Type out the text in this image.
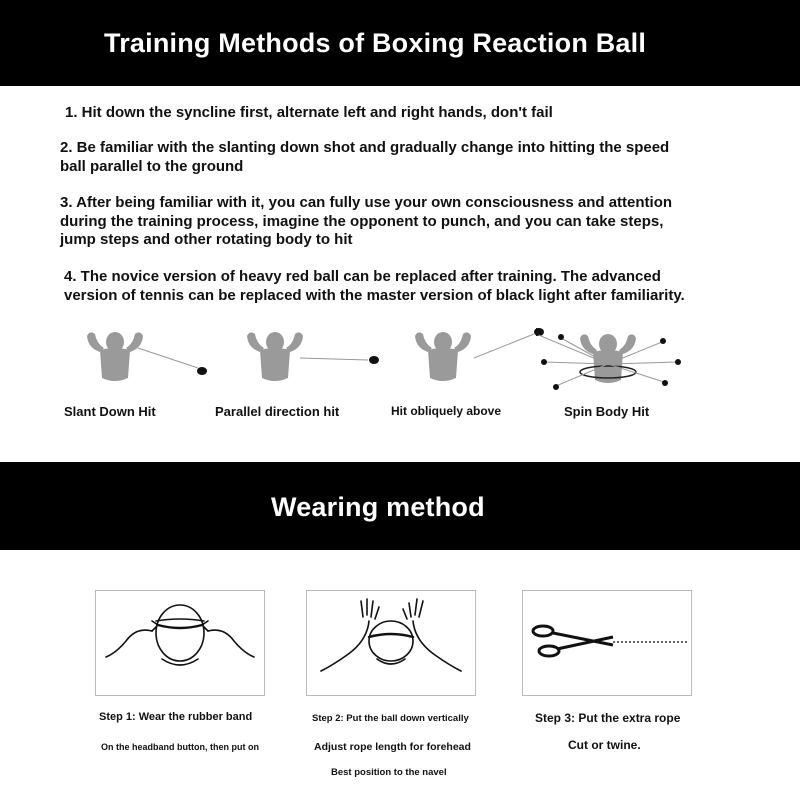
Training Methods of Boxing Reaction Ball

1. Hit down the syncline first, alternate left and right hands, don't fail

2. Be familiar with the slanting down shot and gradually change into hitting the speed ball parallel to the ground

3. After being familiar with it, you can fully use your own consciousness and attention during the training process, imagine the opponent to punch, and you can take steps, jump steps and other rotating body to hit

4. The novice version of heavy red ball can be replaced after training. The advanced version of tennis can be replaced with the master version of black light after familiarity.

Slant Down Hit	Parallel direction hit	Hit obliquely above	Spin Body Hit
Wearing method
Step 1: Wear the rubber band
On the headband button, then put on
Step 2: Put the ball down vertically
Adjust rope length for forehead
Best position to the navel
Step 3: Put the extra rope
Cut or twine.
